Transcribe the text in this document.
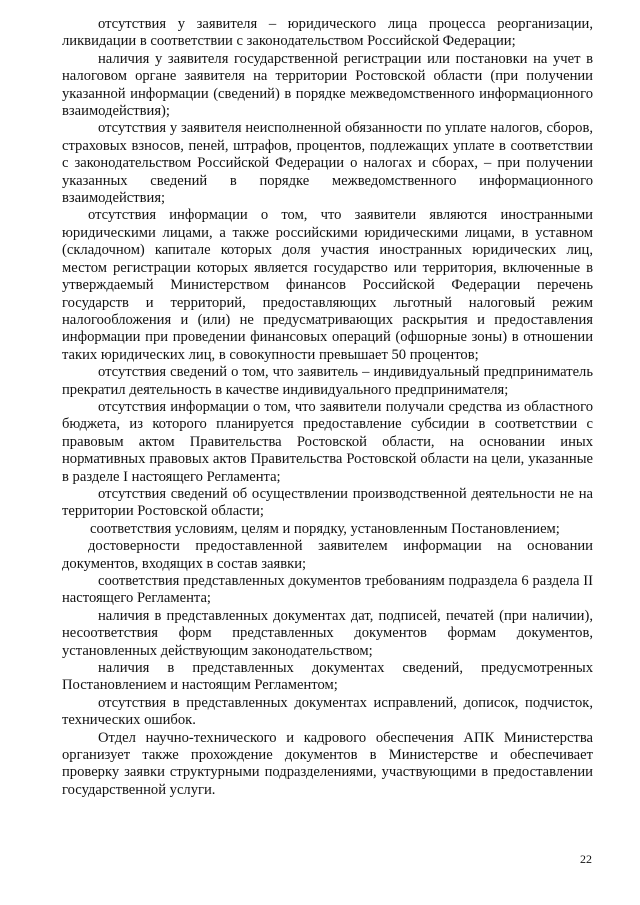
отсутствия у заявителя – юридического лица процесса реорганизации, ликвидации в соответствии с законодательством Российской Федерации;

наличия у заявителя государственной регистрации или постановки на учет в налоговом органе заявителя на территории Ростовской области (при получении указанной информации (сведений) в порядке межведомственного информационного взаимодействия);

отсутствия у заявителя неисполненной обязанности по уплате налогов, сборов, страховых взносов, пеней, штрафов, процентов, подлежащих уплате в соответствии с законодательством Российской Федерации о налогах и сборах, – при получении указанных сведений в порядке межведомственного информационного взаимодействия;

отсутствия информации о том, что заявители являются иностранными юридическими лицами, а также российскими юридическими лицами, в уставном (складочном) капитале которых доля участия иностранных юридических лиц, местом регистрации которых является государство или территория, включенные в утверждаемый Министерством финансов Российской Федерации перечень государств и территорий, предоставляющих льготный налоговый режим налогообложения и (или) не предусматривающих раскрытия и предоставления информации при проведении финансовых операций (офшорные зоны) в отношении таких юридических лиц, в совокупности превышает 50 процентов;

отсутствия сведений о том, что заявитель – индивидуальный предприниматель прекратил деятельность в качестве индивидуального предпринимателя;

отсутствия информации о том, что заявители получали средства из областного бюджета, из которого планируется предоставление субсидии в соответствии с правовым актом Правительства Ростовской области, на основании иных нормативных правовых актов Правительства Ростовской области на цели, указанные в разделе I настоящего Регламента;

отсутствия сведений об осуществлении производственной деятельности не на территории Ростовской области;

соответствия условиям, целям и порядку, установленным Постановлением;

достоверности предоставленной заявителем информации на основании документов, входящих в состав заявки;

соответствия представленных документов требованиям подраздела 6 раздела II настоящего Регламента;

наличия в представленных документах дат, подписей, печатей (при наличии), несоответствия форм представленных документов формам документов, установленных действующим законодательством;

наличия в представленных документах сведений, предусмотренных Постановлением и настоящим Регламентом;

отсутствия в представленных документах исправлений, дописок, подчисток, технических ошибок.

Отдел научно-технического и кадрового обеспечения АПК Министерства организует также прохождение документов в Министерстве и обеспечивает проверку заявки структурными подразделениями, участвующими в предоставлении государственной услуги.

22
